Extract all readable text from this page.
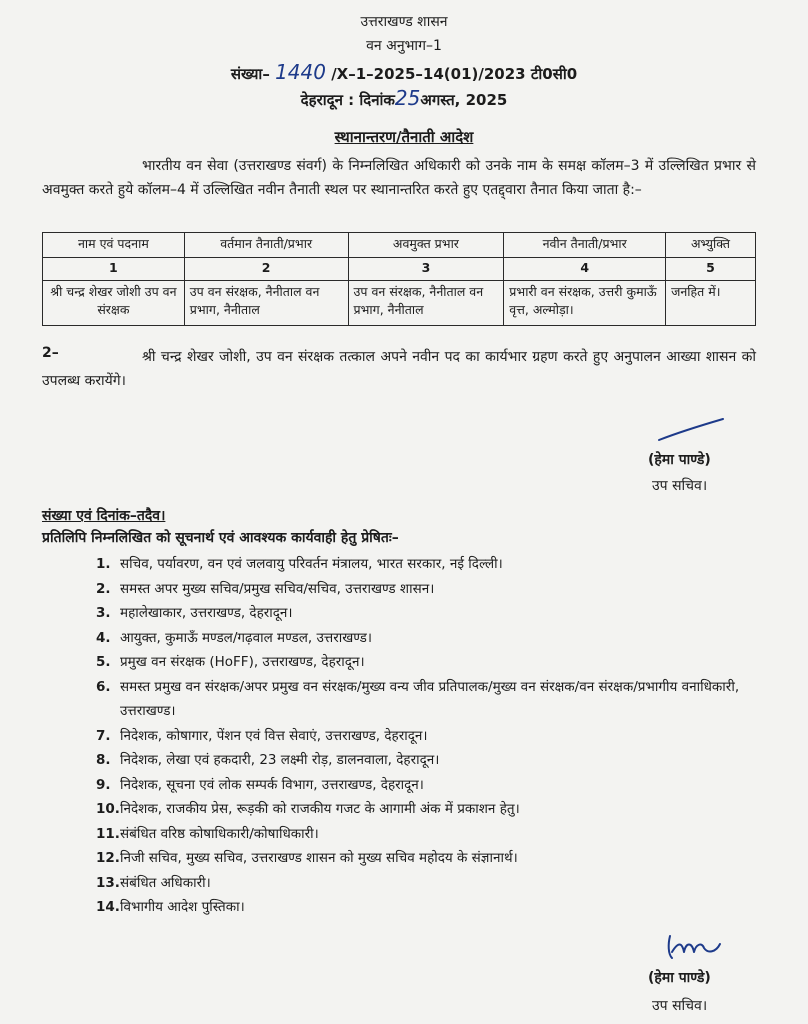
उत्तराखण्ड शासन
वन अनुभाग–1
संख्या– 1440 /X–1–2025–14(01)/2023 टी0सी0
देहरादून : दिनांक25अगस्त, 2025
स्थानान्तरण/तैनाती आदेश
भारतीय वन सेवा (उत्तराखण्ड संवर्ग) के निम्नलिखित अधिकारी को उनके नाम के समक्ष कॉलम–3 में उल्लिखित प्रभार से अवमुक्त करते हुये कॉलम–4 में उल्लिखित नवीन तैनाती स्थल पर स्थानान्तरित करते हुए एतद्द्वारा तैनात किया जाता है:–
नाम एवं पदनाम	वर्तमान तैनाती/प्रभार	अवमुक्त प्रभार	नवीन तैनाती/प्रभार	अभ्युक्ति
1	2	3	4	5
श्री चन्द्र शेखर जोशी उप वन संरक्षक	उप वन संरक्षक, नैनीताल वन प्रभाग, नैनीताल	उप वन संरक्षक, नैनीताल वन प्रभाग, नैनीताल	प्रभारी वन संरक्षक, उत्तरी कुमाऊँ वृत्त, अल्मोड़ा।	जनहित में।
2–	श्री चन्द्र शेखर जोशी, उप वन संरक्षक तत्काल अपने नवीन पद का कार्यभार ग्रहण करते हुए अनुपालन आख्या शासन को उपलब्ध करायेंगे।
(हेमा पाण्डे)
उप सचिव।
संख्या एवं दिनांक–तदैव।
प्रतिलिपि निम्नलिखित को सूचनार्थ एवं आवश्यक कार्यवाही हेतु प्रेषितः–
1. सचिव, पर्यावरण, वन एवं जलवायु परिवर्तन मंत्रालय, भारत सरकार, नई दिल्ली।
2. समस्त अपर मुख्य सचिव/प्रमुख सचिव/सचिव, उत्तराखण्ड शासन।
3. महालेखाकार, उत्तराखण्ड, देहरादून।
4. आयुक्त, कुमाऊँ मण्डल/गढ़वाल मण्डल, उत्तराखण्ड।
5. प्रमुख वन संरक्षक (HoFF), उत्तराखण्ड, देहरादून।
6. समस्त प्रमुख वन संरक्षक/अपर प्रमुख वन संरक्षक/मुख्य वन्य जीव प्रतिपालक/मुख्य वन संरक्षक/वन संरक्षक/प्रभागीय वनाधिकारी, उत्तराखण्ड।
7. निदेशक, कोषागार, पेंशन एवं वित्त सेवाएं, उत्तराखण्ड, देहरादून।
8. निदेशक, लेखा एवं हकदारी, 23 लक्ष्मी रोड़, डालनवाला, देहरादून।
9. निदेशक, सूचना एवं लोक सम्पर्क विभाग, उत्तराखण्ड, देहरादून।
10. निदेशक, राजकीय प्रेस, रूड़की को राजकीय गजट के आगामी अंक में प्रकाशन हेतु।
11. संबंधित वरिष्ठ कोषाधिकारी/कोषाधिकारी।
12. निजी सचिव, मुख्य सचिव, उत्तराखण्ड शासन को मुख्य सचिव महोदय के संज्ञानार्थ।
13. संबंधित अधिकारी।
14. विभागीय आदेश पुस्तिका।
(हेमा पाण्डे)
उप सचिव।
